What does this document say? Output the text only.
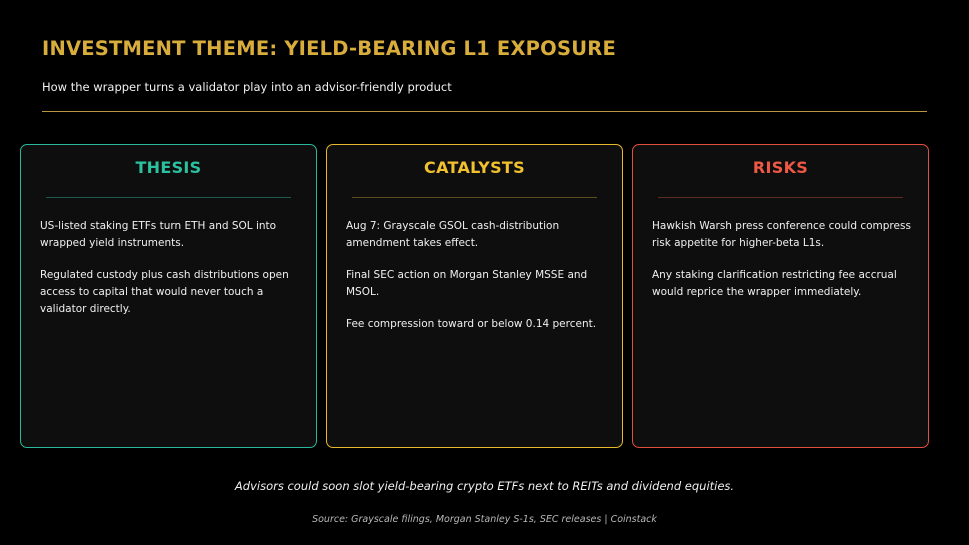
INVESTMENT THEME: YIELD-BEARING L1 EXPOSURE
How the wrapper turns a validator play into an advisor-friendly product
THESIS

US-listed staking ETFs turn ETH and SOL into wrapped yield instruments.

Regulated custody plus cash distributions open access to capital that would never touch a validator directly.

CATALYSTS

Aug 7: Grayscale GSOL cash-distribution amendment takes effect.

Final SEC action on Morgan Stanley MSSE and MSOL.

Fee compression toward or below 0.14 percent.

RISKS

Hawkish Warsh press conference could compress risk appetite for higher-beta L1s.

Any staking clarification restricting fee accrual would reprice the wrapper immediately.

Advisors could soon slot yield-bearing crypto ETFs next to REITs and dividend equities.
Source: Grayscale filings, Morgan Stanley S-1s, SEC releases | Coinstack
